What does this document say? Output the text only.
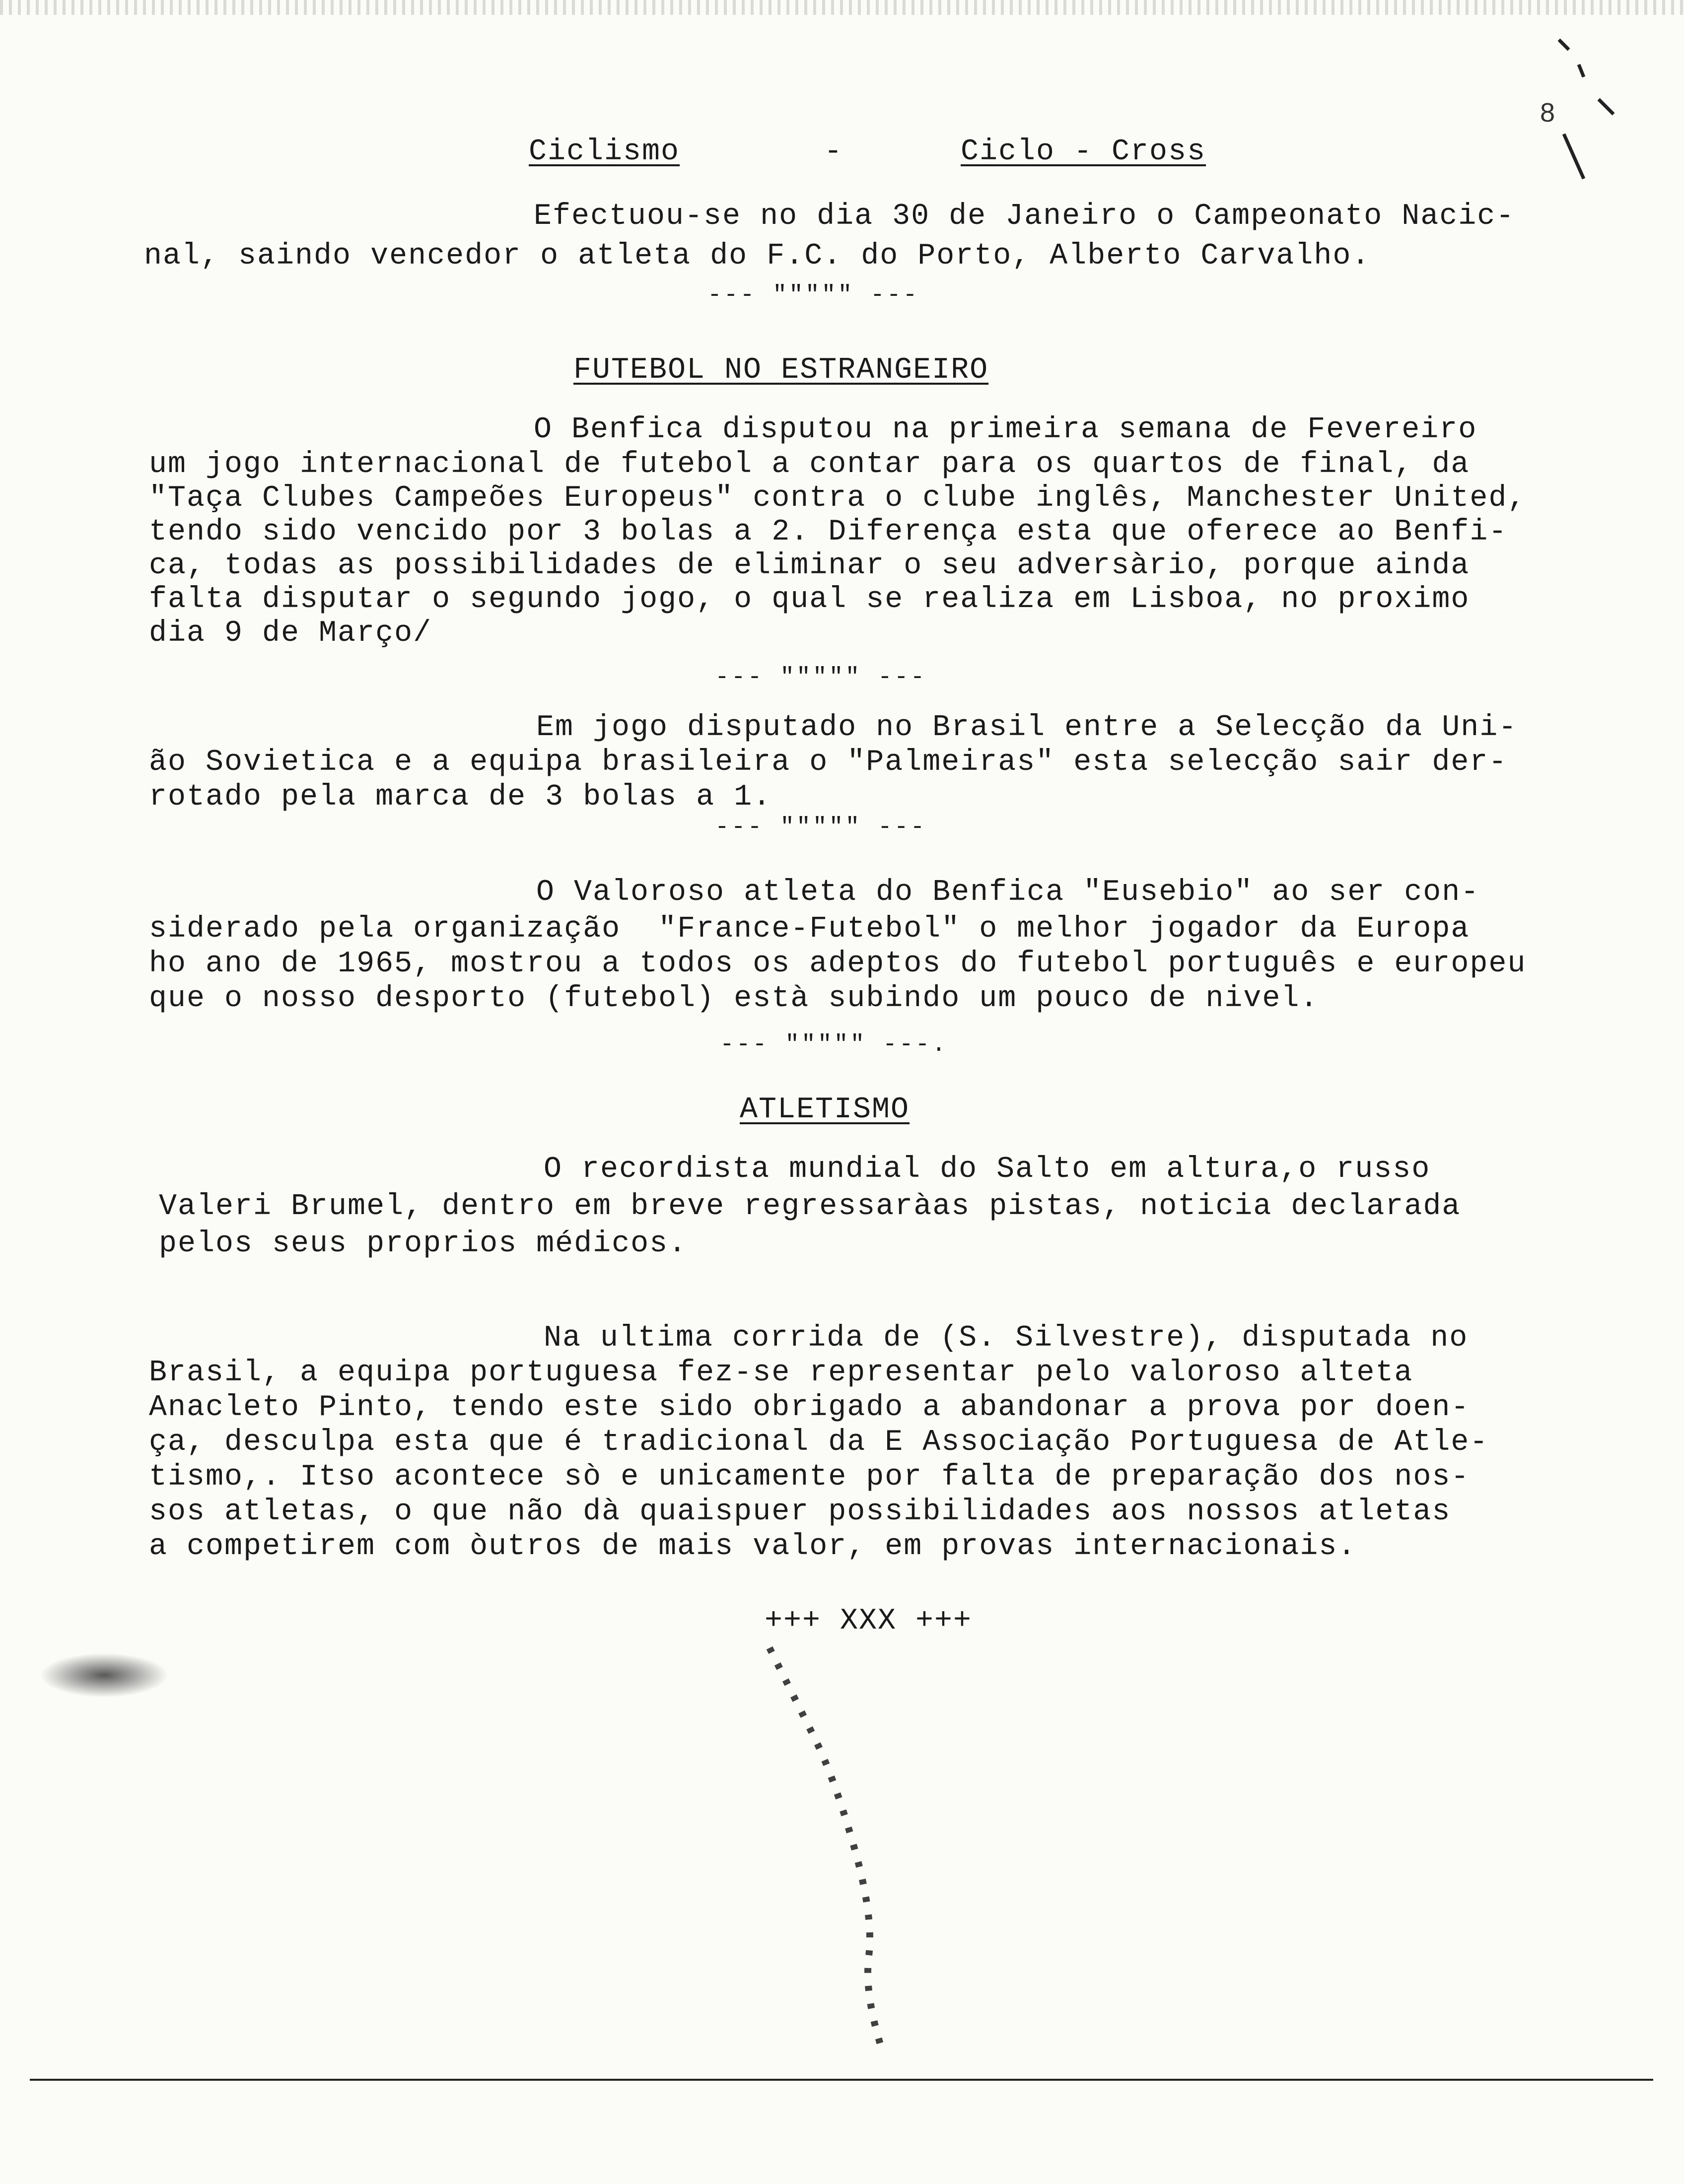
8
Ciclismo	-	Ciclo - Cross
Efectuou-se no dia 30 de Janeiro o Campeonato Nacic-
nal, saindo vencedor o atleta do F.C. do Porto, Alberto Carvalho.
--- """"" ---
FUTEBOL NO ESTRANGEIRO
O Benfica disputou na primeira semana de Fevereiro
um jogo internacional de futebol a contar para os quartos de final, da
"Taça Clubes Campeões Europeus" contra o clube inglês, Manchester United,
tendo sido vencido por 3 bolas a 2. Diferença esta que oferece ao Benfi-
ca, todas as possibilidades de eliminar o seu adversàrio, porque ainda
falta disputar o segundo jogo, o qual se realiza em Lisboa, no proximo
dia 9 de Março/
--- """"" ---
Em jogo disputado no Brasil entre a Selecção da Uni-
ão Sovietica e a equipa brasileira o "Palmeiras" esta selecção sair der-
rotado pela marca de 3 bolas a 1.
--- """"" ---
O Valoroso atleta do Benfica "Eusebio" ao ser con-
siderado pela organização  "France-Futebol" o melhor jogador da Europa
ho ano de 1965, mostrou a todos os adeptos do futebol português e europeu
que o nosso desporto (futebol) està subindo um pouco de nivel.
--- """"" ---.
ATLETISMO
O recordista mundial do Salto em altura,o russo
Valeri Brumel, dentro em breve regressaràas pistas, noticia declarada
pelos seus proprios médicos.
Na ultima corrida de (S. Silvestre), disputada no
Brasil, a equipa portuguesa fez-se representar pelo valoroso alteta
Anacleto Pinto, tendo este sido obrigado a abandonar a prova por doen-
ça, desculpa esta que é tradicional da E Associação Portuguesa de Atle-
tismo,. Itso acontece sò e unicamente por falta de preparação dos nos-
sos atletas, o que não dà quaispuer possibilidades aos nossos atletas
a competirem com òutros de mais valor, em provas internacionais.
+++ XXX +++
